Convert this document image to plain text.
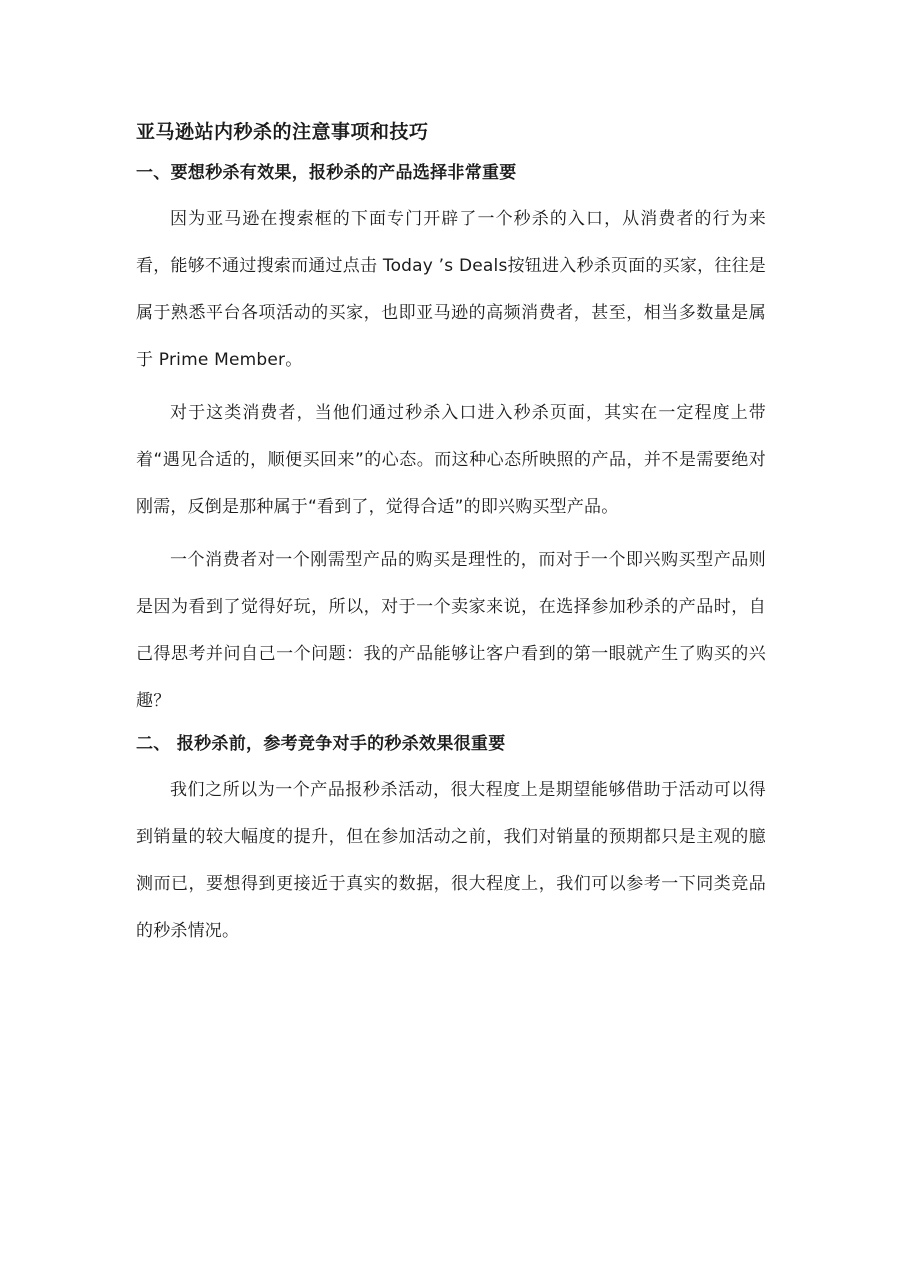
亚马逊站内秒杀的注意事项和技巧
一、要想秒杀有效果，报秒杀的产品选择非常重要

因为亚马逊在搜索框的下面专门开辟了一个秒杀的入口，从消费者的行为来看，能够不通过搜索而通过点击 Today ’s Deals按钮进入秒杀页面的买家，往往是属于熟悉平台各项活动的买家，也即亚马逊的高频消费者，甚至，相当多数量是属于 Prime Member。

对于这类消费者，当他们通过秒杀入口进入秒杀页面，其实在一定程度上带着“遇见合适的，顺便买回来”的心态。而这种心态所映照的产品，并不是需要绝对刚需，反倒是那种属于“看到了，觉得合适”的即兴购买型产品。

一个消费者对一个刚需型产品的购买是理性的，而对于一个即兴购买型产品则是因为看到了觉得好玩，所以，对于一个卖家来说，在选择参加秒杀的产品时，自己得思考并问自己一个问题：我的产品能够让客户看到的第一眼就产生了购买的兴趣？

二、 报秒杀前，参考竞争对手的秒杀效果很重要

我们之所以为一个产品报秒杀活动，很大程度上是期望能够借助于活动可以得到销量的较大幅度的提升，但在参加活动之前，我们对销量的预期都只是主观的臆测而已，要想得到更接近于真实的数据，很大程度上，我们可以参考一下同类竞品的秒杀情况。
